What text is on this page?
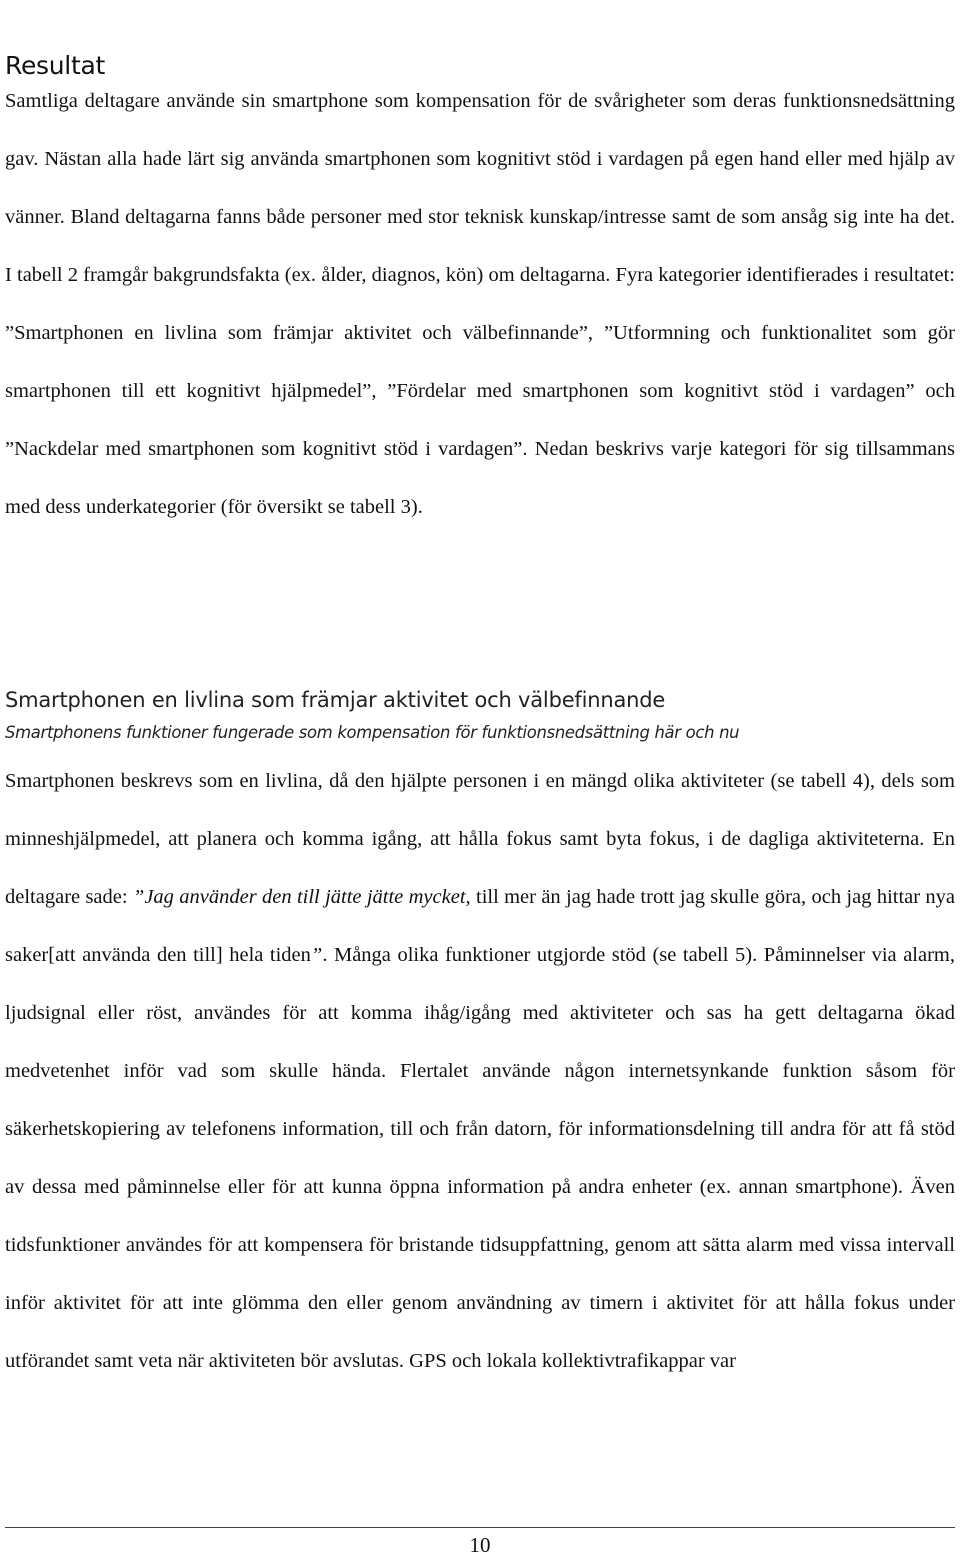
Resultat

Samtliga deltagare använde sin smartphone som kompensation för de svårigheter som deras funktionsnedsättning gav. Nästan alla hade lärt sig använda smartphonen som kognitivt stöd i vardagen på egen hand eller med hjälp av vänner. Bland deltagarna fanns både personer med stor teknisk kunskap/intresse samt de som ansåg sig inte ha det. I tabell 2 framgår bakgrundsfakta (ex. ålder, diagnos, kön) om deltagarna. Fyra kategorier identifierades i resultatet: ”Smartphonen en livlina som främjar aktivitet och välbefinnande”, ”Utformning och funktionalitet som gör smartphonen till ett kognitivt hjälpmedel”, ”Fördelar med smartphonen som kognitivt stöd i vardagen” och ”Nackdelar med smartphonen som kognitivt stöd i vardagen”. Nedan beskrivs varje kategori för sig tillsammans med dess underkategorier (för översikt se tabell 3).

Smartphonen en livlina som främjar aktivitet och välbefinnande
Smartphonens funktioner fungerade som kompensation för funktionsnedsättning här och nu

Smartphonen beskrevs som en livlina, då den hjälpte personen i en mängd olika aktiviteter (se tabell 4), dels som minneshjälpmedel, att planera och komma igång, att hålla fokus samt byta fokus, i de dagliga aktiviteterna. En deltagare sade: ”Jag använder den till jätte jätte mycket, till mer än jag hade trott jag skulle göra, och jag hittar nya saker[att använda den till] hela tiden”. Många olika funktioner utgjorde stöd (se tabell 5). Påminnelser via alarm, ljudsignal eller röst, användes för att komma ihåg/igång med aktiviteter och sas ha gett deltagarna ökad medvetenhet inför vad som skulle hända. Flertalet använde någon internetsynkande funktion såsom för säkerhetskopiering av telefonens information, till och från datorn, för informationsdelning till andra för att få stöd av dessa med påminnelse eller för att kunna öppna information på andra enheter (ex. annan smartphone). Även tidsfunktioner användes för att kompensera för bristande tidsuppfattning, genom att sätta alarm med vissa intervall inför aktivitet för att inte glömma den eller genom användning av timern i aktivitet för att hålla fokus under utförandet samt veta när aktiviteten bör avslutas. GPS och lokala kollektivtrafikappar var

10
